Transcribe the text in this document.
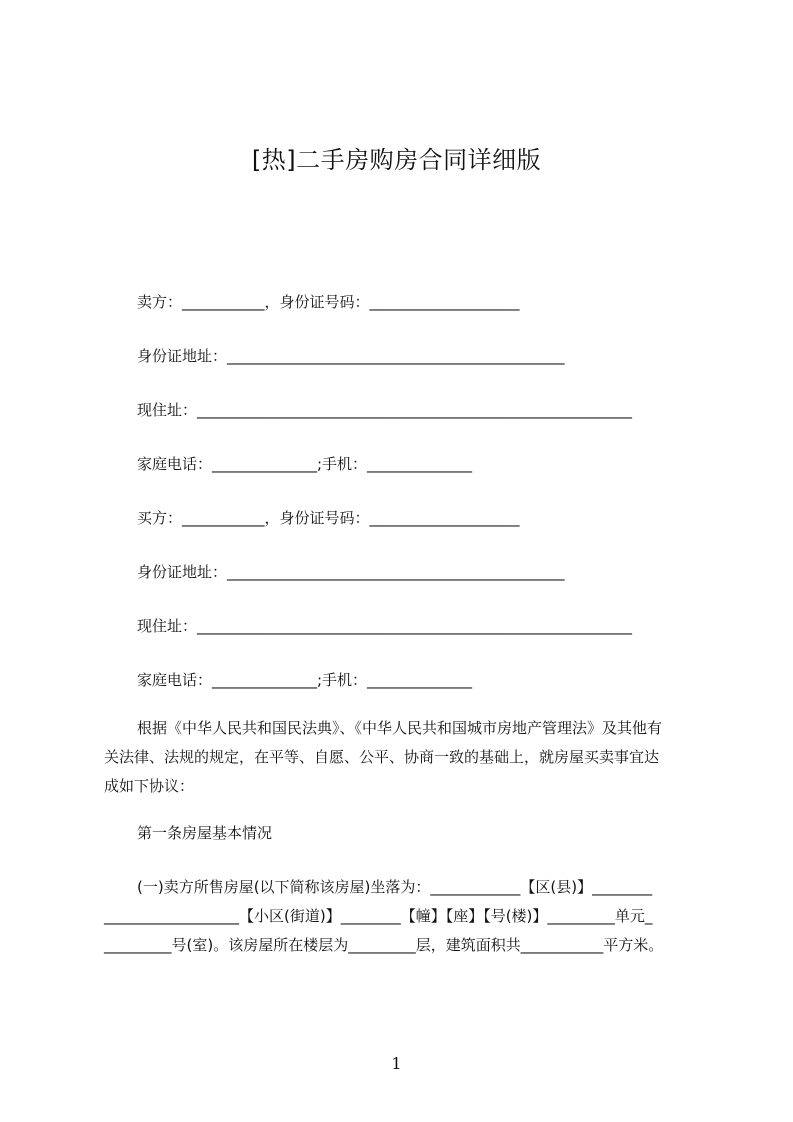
[热]二手房购房合同详细版
卖方：___________，身份证号码：____________________
身份证地址：_____________________________________________
现住址：__________________________________________________________
家庭电话：______________;手机：______________
买方：___________，身份证号码：____________________
身份证地址：_____________________________________________
现住址：__________________________________________________________
家庭电话：______________;手机：______________
根据《中华人民共和国民法典》、《中华人民共和国城市房地产管理法》及其他有
关法律、法规的规定，在平等、自愿、公平、协商一致的基础上，就房屋买卖事宜达
成如下协议：
第一条房屋基本情况
(一)卖方所售房屋(以下简称该房屋)坐落为：____________【区(县)】________
__________________【小区(街道)】________【幢】【座】【号(楼)】_________单元_
_________号(室)。该房屋所在楼层为_________层，建筑面积共___________平方米。
1
